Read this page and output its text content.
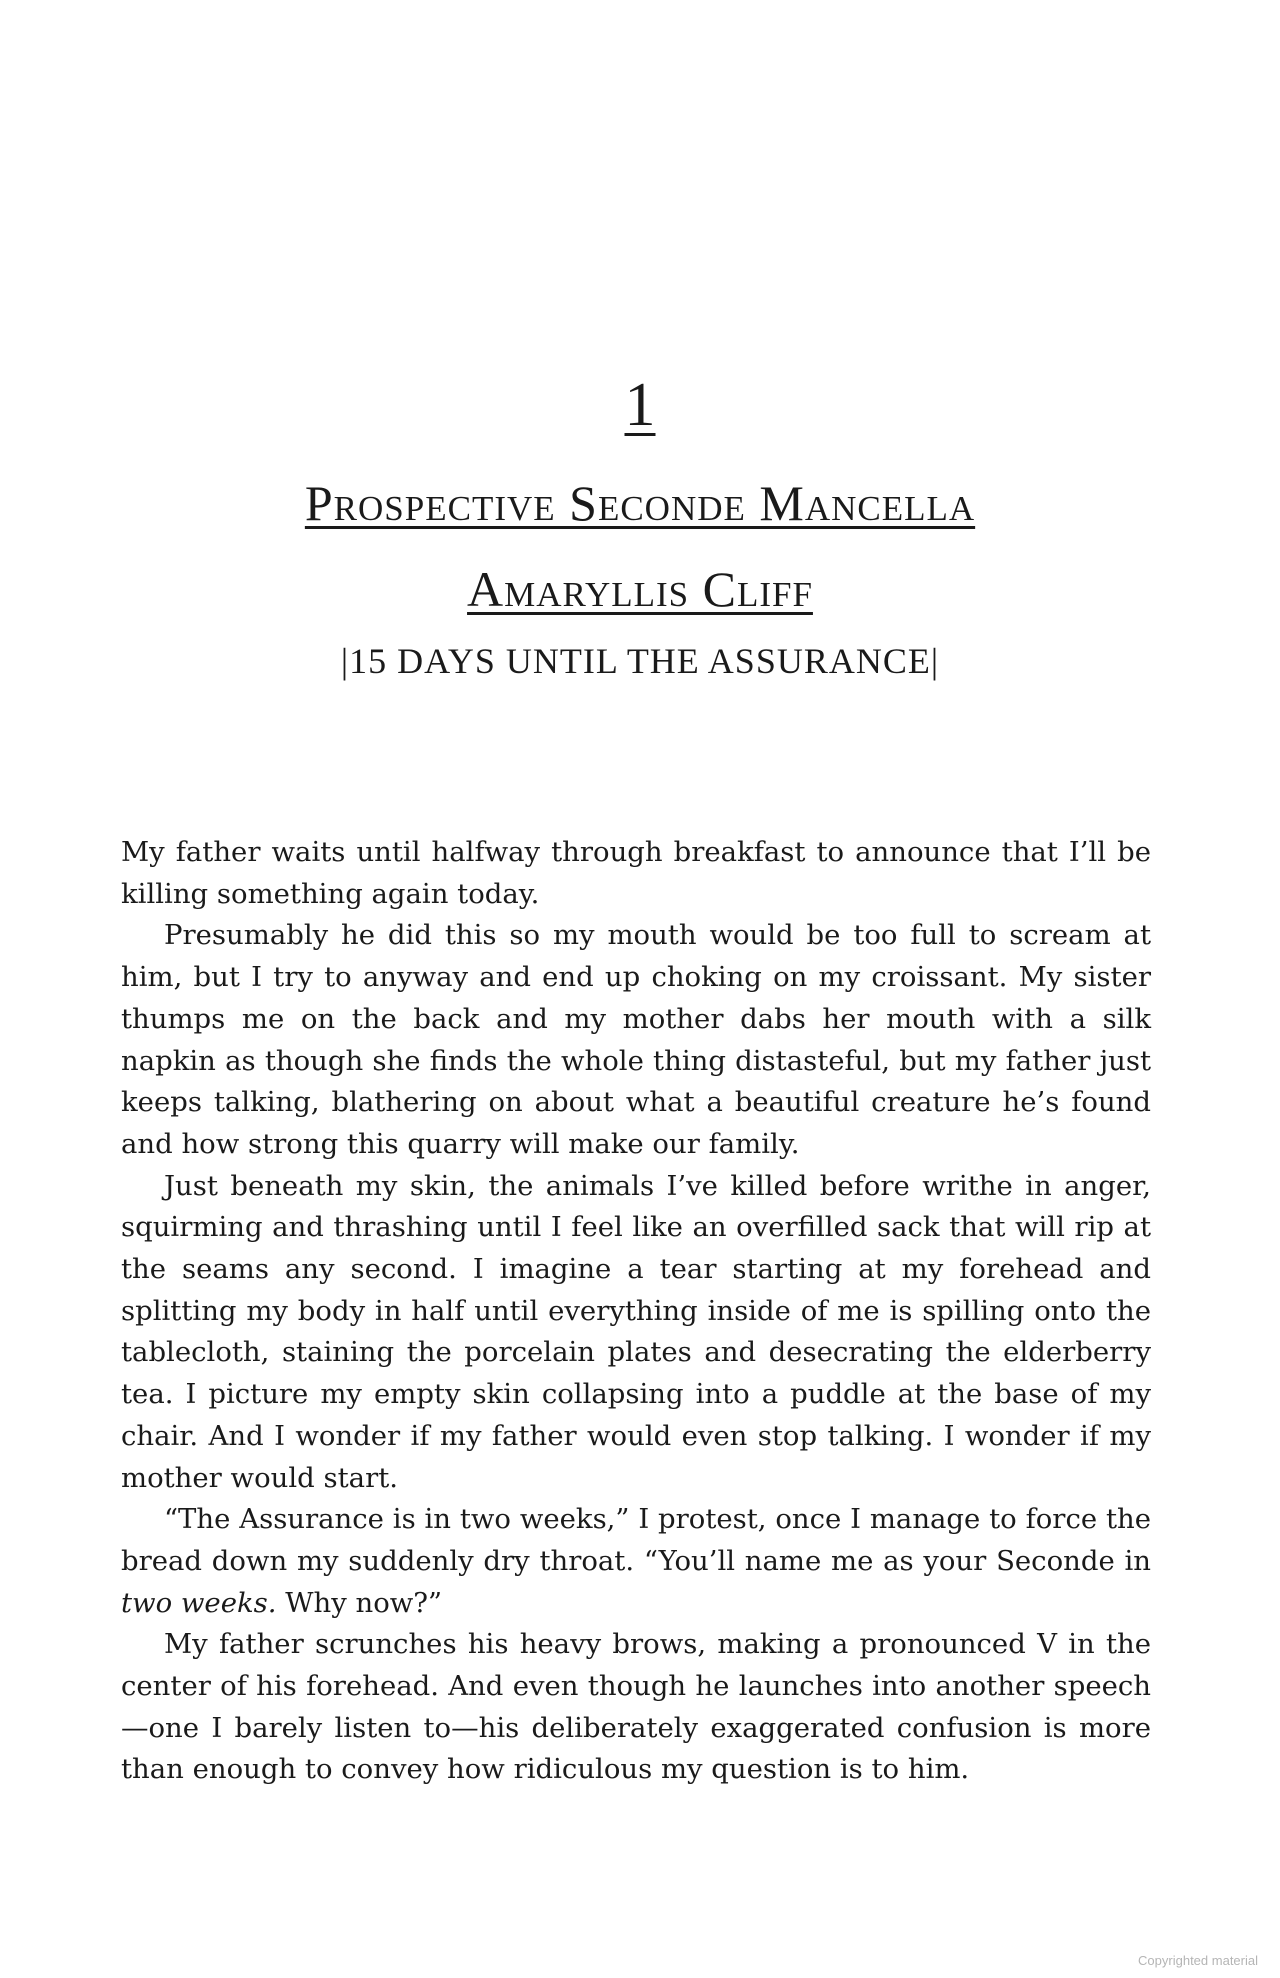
1
Prospective Seconde Mancella
Amaryllis Cliff
|15 DAYS UNTIL THE ASSURANCE|

My father waits until halfway through breakfast to announce that I’ll be killing something again today.

Presumably he did this so my mouth would be too full to scream at him, but I try to anyway and end up choking on my croissant. My sister thumps me on the back and my mother dabs her mouth with a silk napkin as though she finds the whole thing distasteful, but my father just keeps talking, blathering on about what a beautiful creature he’s found and how strong this quarry will make our family.

Just beneath my skin, the animals I’ve killed before writhe in anger, squirming and thrashing until I feel like an overfilled sack that will rip at the seams any second. I imagine a tear starting at my forehead and splitting my body in half until everything inside of me is spilling onto the tablecloth, staining the porcelain plates and desecrating the elderberry tea. I picture my empty skin collapsing into a puddle at the base of my chair. And I wonder if my father would even stop talking. I wonder if my mother would start.

“The Assurance is in two weeks,” I protest, once I manage to force the bread down my suddenly dry throat. “You’ll name me as your Seconde in two weeks. Why now?”

My father scrunches his heavy brows, making a pronounced V in the center of his forehead. And even though he launches into another speech —one I barely listen to—his deliberately exaggerated confusion is more than enough to convey how ridiculous my question is to him.

Copyrighted material
